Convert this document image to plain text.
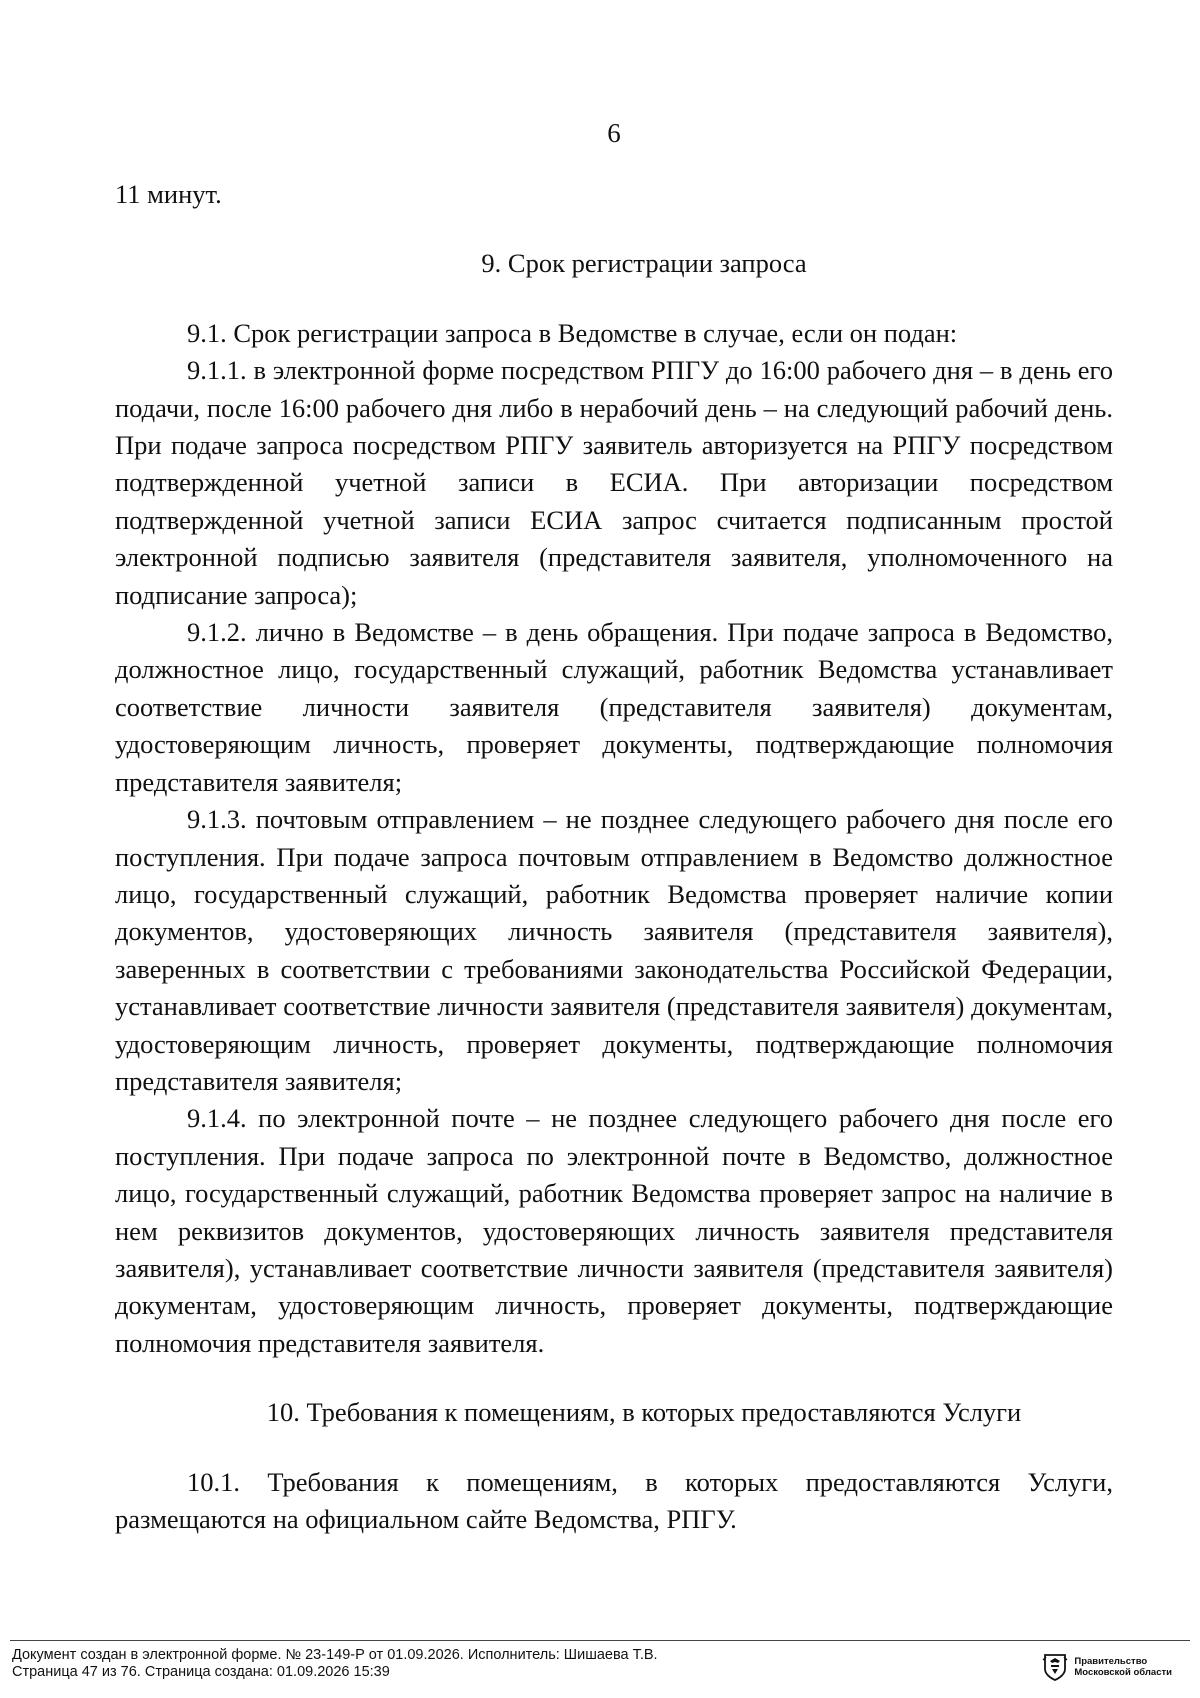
6

11 минут.

9. Срок регистрации запроса

9.1. Срок регистрации запроса в Ведомстве в случае, если он подан:

9.1.1. в электронной форме посредством РПГУ до 16:00 рабочего дня – в день его подачи, после 16:00 рабочего дня либо в нерабочий день – на следующий рабочий день. При подаче запроса посредством РПГУ заявитель авторизуется на РПГУ посредством подтвержденной учетной записи в ЕСИА. При авторизации посредством подтвержденной учетной записи ЕСИА запрос считается подписанным простой электронной подписью заявителя (представителя заявителя, уполномоченного на подписание запроса);

9.1.2. лично в Ведомстве – в день обращения. При подаче запроса в Ведомство, должностное лицо, государственный служащий, работник Ведомства устанавливает соответствие личности заявителя (представителя заявителя) документам, удостоверяющим личность, проверяет документы, подтверждающие полномочия представителя заявителя;

9.1.3. почтовым отправлением – не позднее следующего рабочего дня после его поступления. При подаче запроса почтовым отправлением в Ведомство должностное лицо, государственный служащий, работник Ведомства проверяет наличие копии документов, удостоверяющих личность заявителя (представителя заявителя), заверенных в соответствии с требованиями законодательства Российской Федерации, устанавливает соответствие личности заявителя (представителя заявителя) документам, удостоверяющим личность, проверяет документы, подтверждающие полномочия представителя заявителя;

9.1.4. по электронной почте – не позднее следующего рабочего дня после его поступления. При подаче запроса по электронной почте в Ведомство, должностное лицо, государственный служащий, работник Ведомства проверяет запрос на наличие в нем реквизитов документов, удостоверяющих личность заявителя представителя заявителя), устанавливает соответствие личности заявителя (представителя заявителя) документам, удостоверяющим личность, проверяет документы, подтверждающие полномочия представителя заявителя.

10. Требования к помещениям, в которых предоставляются Услуги

10.1. Требования к помещениям, в которых предоставляются Услуги, размещаются на официальном сайте Ведомства, РПГУ.

Документ создан в электронной форме. № 23-149-Р от 01.09.2026. Исполнитель: Шишаева Т.В.
Страница 47 из 76. Страница создана: 01.09.2026 15:39
Правительство
Московской области
